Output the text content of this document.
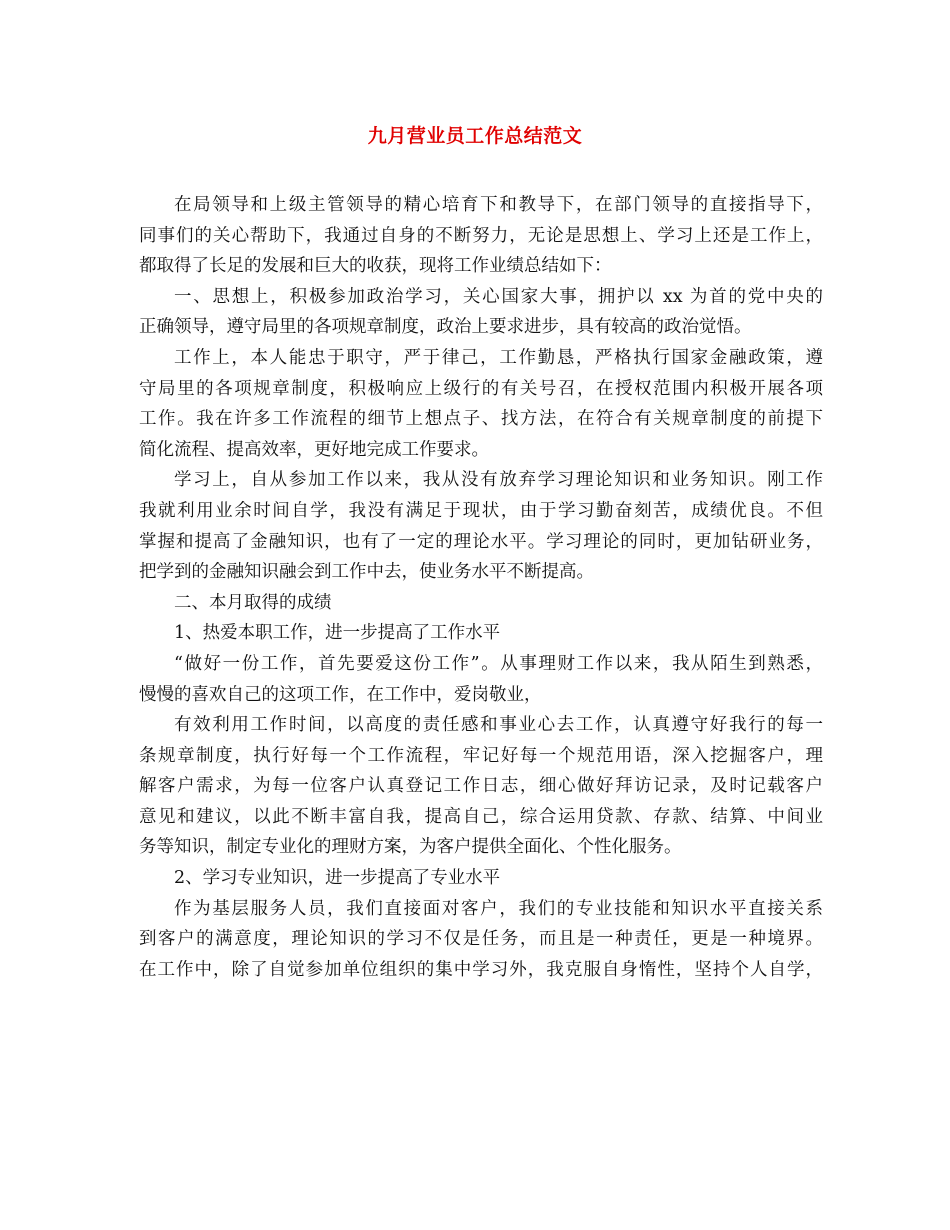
九月营业员工作总结范文
在局领导和上级主管领导的精心培育下和教导下，在部门领导的直接指导下，
同事们的关心帮助下，我通过自身的不断努力，无论是思想上、学习上还是工作上，
都取得了长足的发展和巨大的收获，现将工作业绩总结如下：
一、思想上，积极参加政治学习，关心国家大事，拥护以 xx 为首的党中央的
正确领导，遵守局里的各项规章制度，政治上要求进步，具有较高的政治觉悟。
工作上，本人能忠于职守，严于律己，工作勤恳，严格执行国家金融政策，遵
守局里的各项规章制度，积极响应上级行的有关号召，在授权范围内积极开展各项
工作。我在许多工作流程的细节上想点子、找方法，在符合有关规章制度的前提下
简化流程、提高效率，更好地完成工作要求。
学习上，自从参加工作以来，我从没有放弃学习理论知识和业务知识。刚工作
我就利用业余时间自学，我没有满足于现状，由于学习勤奋刻苦，成绩优良。不但
掌握和提高了金融知识，也有了一定的理论水平。学习理论的同时，更加钻研业务，
把学到的金融知识融会到工作中去，使业务水平不断提高。
二、本月取得的成绩
1、热爱本职工作，进一步提高了工作水平
“做好一份工作，首先要爱这份工作”。从事理财工作以来，我从陌生到熟悉，
慢慢的喜欢自己的这项工作，在工作中，爱岗敬业，
有效利用工作时间，以高度的责任感和事业心去工作，认真遵守好我行的每一
条规章制度，执行好每一个工作流程，牢记好每一个规范用语，深入挖掘客户，理
解客户需求，为每一位客户认真登记工作日志，细心做好拜访记录，及时记载客户
意见和建议，以此不断丰富自我，提高自己，综合运用贷款、存款、结算、中间业
务等知识，制定专业化的理财方案，为客户提供全面化、个性化服务。
2、学习专业知识，进一步提高了专业水平
作为基层服务人员，我们直接面对客户，我们的专业技能和知识水平直接关系
到客户的满意度，理论知识的学习不仅是任务，而且是一种责任，更是一种境界。
在工作中，除了自觉参加单位组织的集中学习外，我克服自身惰性，坚持个人自学，
